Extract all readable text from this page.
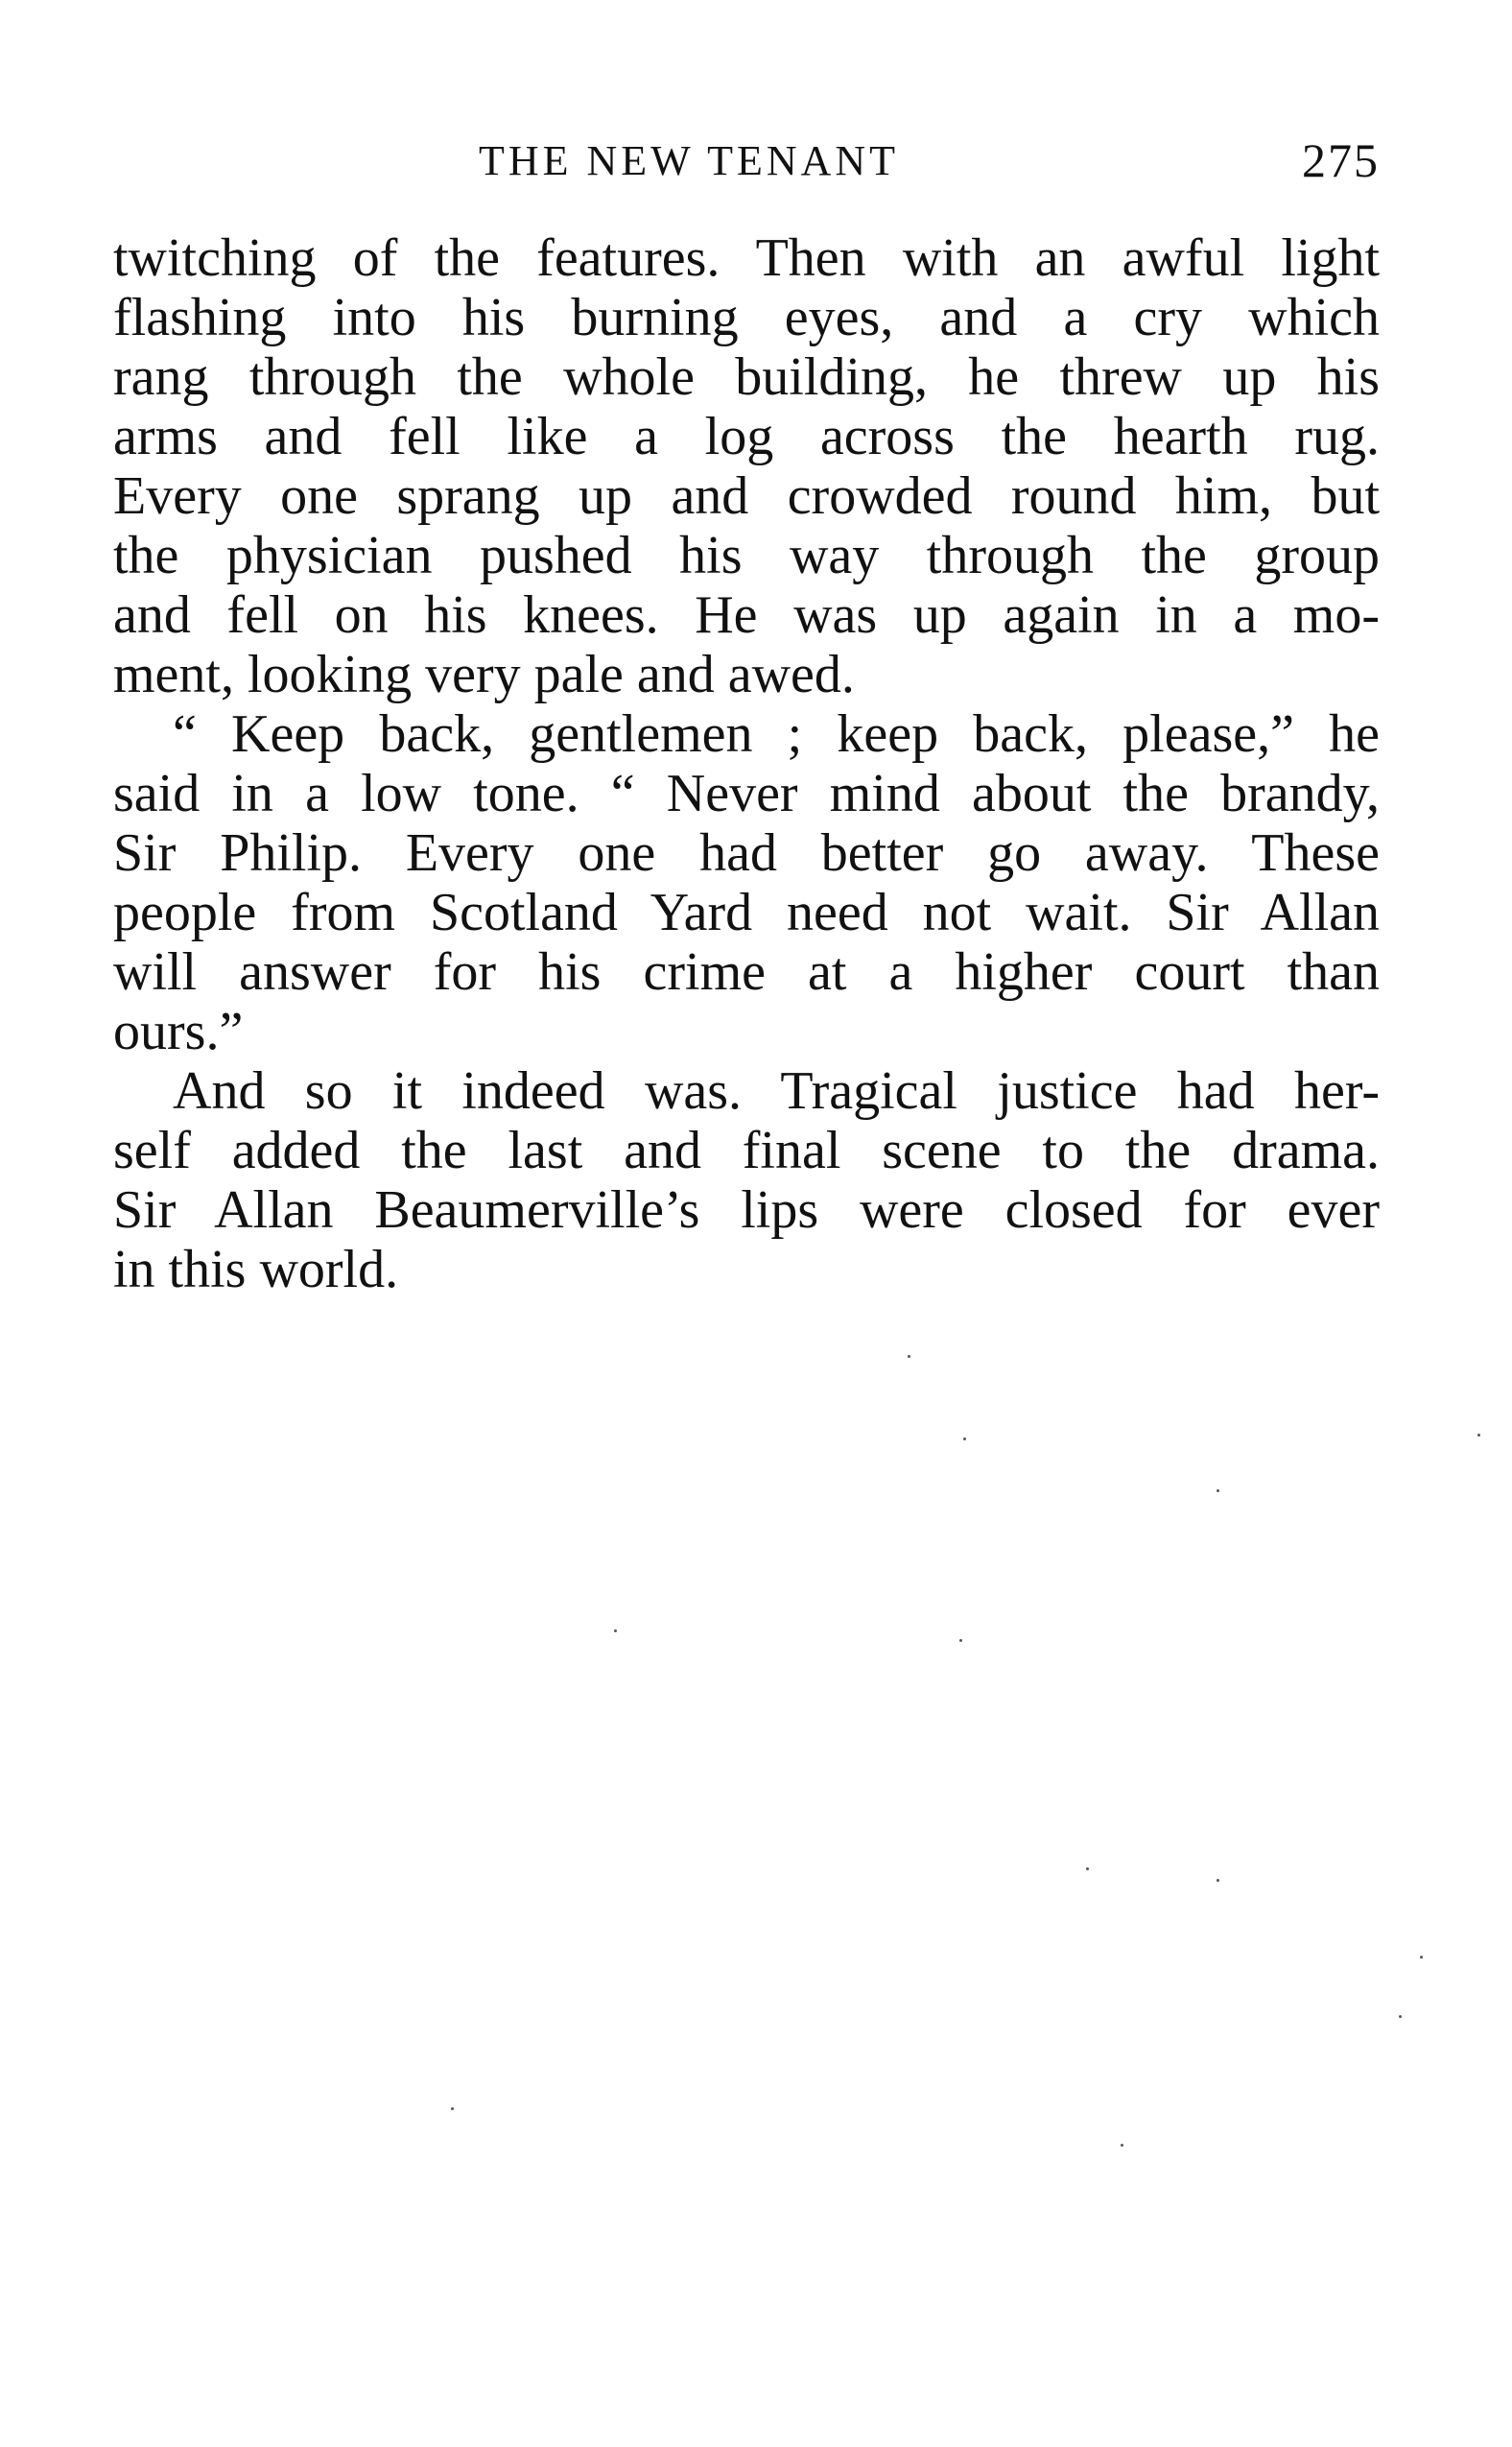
THE NEW TENANT	275
twitching of the features. Then with an awful light
flashing into his burning eyes, and a cry which
rang through the whole building, he threw up his
arms and fell like a log across the hearth rug.
Every one sprang up and crowded round him, but
the physician pushed his way through the group
and fell on his knees. He was up again in a mo-
ment, looking very pale and awed.
“ Keep back, gentlemen ; keep back, please,” he
said in a low tone. “ Never mind about the brandy,
Sir Philip. Every one had better go away. These
people from Scotland Yard need not wait. Sir Allan
will answer for his crime at a higher court than
ours.”
And so it indeed was. Tragical justice had her-
self added the last and final scene to the drama.
Sir Allan Beaumerville’s lips were closed for ever
in this world.
